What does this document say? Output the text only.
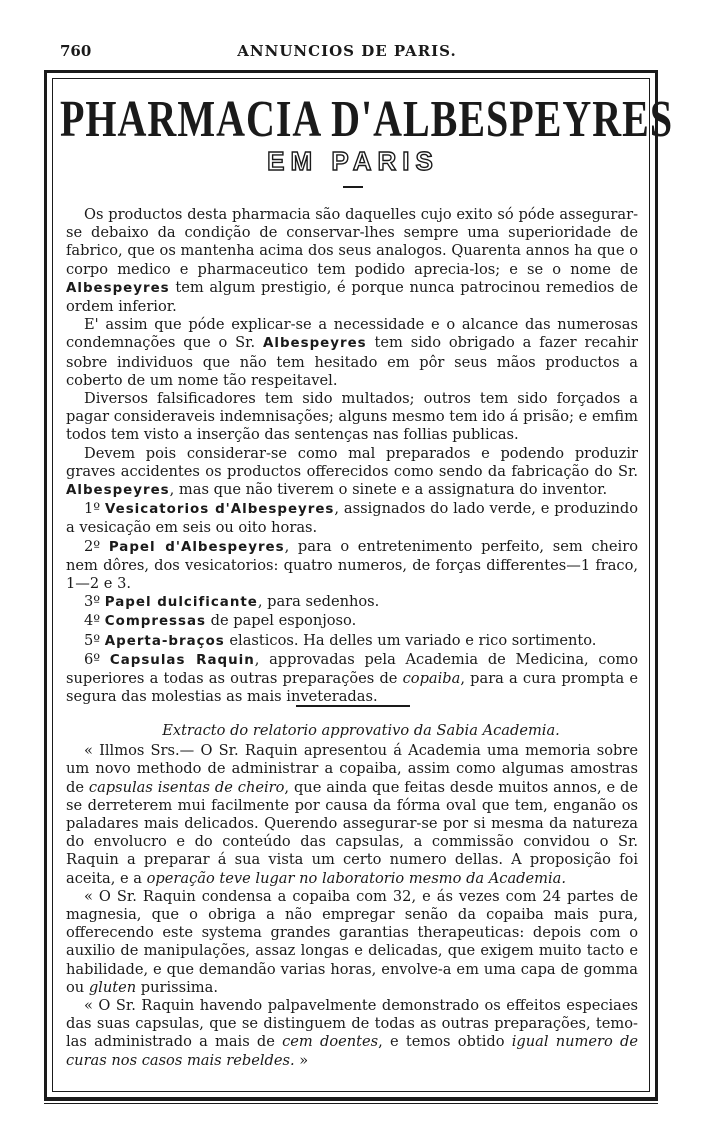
760	ANNUNCIOS DE PARIS.
PHARMACIA D'ALBESPEYRES
EM PARIS

Os productos desta pharmacia são daquelles cujo exito só póde assegurar-se debaixo da condição de conservar-lhes sempre uma superioridade de fabrico, que os mantenha acima dos seus analogos. Quarenta annos ha que o corpo medico e pharmaceutico tem podido aprecia-los; e se o nome de Albespeyres tem algum prestigio, é porque nunca patrocinou remedios de ordem inferior.

E' assim que póde explicar-se a necessidade e o alcance das numerosas condemnações que o Sr. Albespeyres tem sido obrigado a fazer recahir sobre individuos que não tem hesitado em pôr seus mãos productos a coberto de um nome tão respeitavel.

Diversos falsificadores tem sido multados; outros tem sido forçados a pagar consideraveis indemnisações; alguns mesmo tem ido á prisão; e emfim todos tem visto a inserção das sentenças nas follias publicas.

Devem pois considerar-se como mal preparados e podendo produzir graves accidentes os productos offerecidos como sendo da fabricação do Sr. Albespeyres, mas que não tiverem o sinete e a assignatura do inventor.

1º Vesicatorios d'Albespeyres, assignados do lado verde, e produzindo a vesicação em seis ou oito horas.

2º Papel d'Albespeyres, para o entretenimento perfeito, sem cheiro nem dôres, dos vesicatorios: quatro numeros, de forças differentes—1 fraco, 1—2 e 3.

3º Papel dulcificante, para sedenhos.

4º Compressas de papel esponjoso.

5º Aperta-braços elasticos. Ha delles um variado e rico sortimento.

6º Capsulas Raquin, approvadas pela Academia de Medicina, como superiores a todas as outras preparações de copaiba, para a cura prompta e segura das molestias as mais inveteradas.

Extracto do relatorio approvativo da Sabia Academia.

« Illmos Srs.— O Sr. Raquin apresentou á Academia uma memoria sobre um novo methodo de administrar a copaiba, assim como algumas amostras de capsulas isentas de cheiro, que ainda que feitas desde muitos annos, e de se derreterem mui facilmente por causa da fórma oval que tem, enganão os paladares mais delicados. Querendo assegurar-se por si mesma da natureza do envolucro e do conteúdo das capsulas, a commissão convidou o Sr. Raquin a preparar á sua vista um certo numero dellas. A proposição foi aceita, e a operação teve lugar no laboratorio mesmo da Academia.

« O Sr. Raquin condensa a copaiba com 32, e ás vezes com 24 partes de magnesia, que o obriga a não empregar senão da copaiba mais pura, offerecendo este systema grandes garantias therapeuticas: depois com o auxilio de manipulações, assaz longas e delicadas, que exigem muito tacto e habilidade, e que demandão varias horas, envolve-a em uma capa de gomma ou gluten purissima.

« O Sr. Raquin havendo palpavelmente demonstrado os effeitos especiaes das suas capsulas, que se distinguem de todas as outras preparações, temo-las administrado a mais de cem doentes, e temos obtido igual numero de curas nos casos mais rebeldes. »
